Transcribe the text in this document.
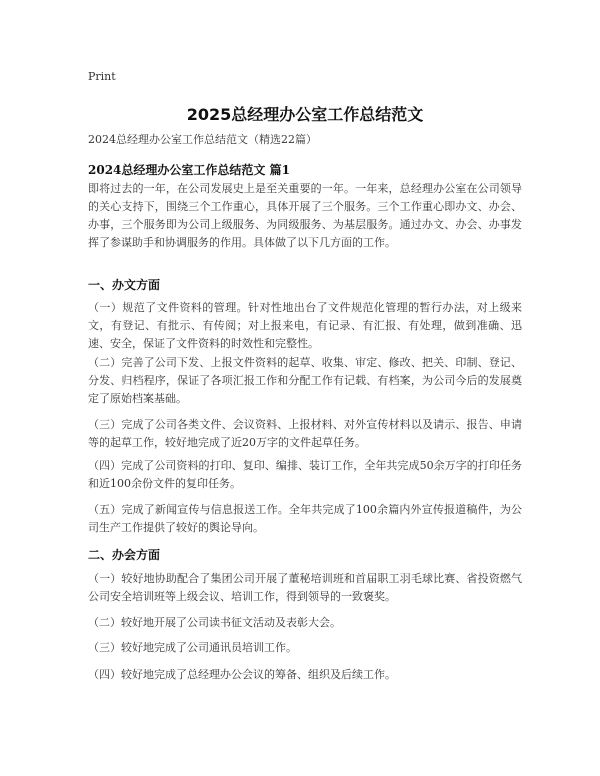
Print
2025总经理办公室工作总结范文
2024总经理办公室工作总结范文（精选22篇）
2024总经理办公室工作总结范文 篇1
即将过去的一年，在公司发展史上是至关重要的一年。一年来，总经理办公室在公司领导的关心支持下，围绕三个工作重心，具体开展了三个服务。三个工作重心即办文、办会、办事，三个服务即为公司上级服务、为同级服务、为基层服务。通过办文、办会、办事发挥了参谋助手和协调服务的作用。具体做了以下几方面的工作。
一、办文方面
（一）规范了文件资料的管理。针对性地出台了文件规范化管理的暂行办法，对上级来文，有登记、有批示、有传阅；对上报来电，有记录、有汇报、有处理，做到准确、迅速、安全，保证了文件资料的时效性和完整性。
（二）完善了公司下发、上报文件资料的起草、收集、审定、修改、把关、印制、登记、分发、归档程序，保证了各项汇报工作和分配工作有记载、有档案，为公司今后的发展奠定了原始档案基础。
（三）完成了公司各类文件、会议资料、上报材料、对外宣传材料以及请示、报告、申请等的起草工作，较好地完成了近20万字的文件起草任务。
（四）完成了公司资料的打印、复印、编排、装订工作，全年共完成50余万字的打印任务和近100余份文件的复印任务。
（五）完成了新闻宣传与信息报送工作。全年共完成了100余篇内外宣传报道稿件，为公司生产工作提供了较好的舆论导向。
二、办会方面
（一）较好地协助配合了集团公司开展了董秘培训班和首届职工羽毛球比赛、省投资燃气公司安全培训班等上级会议、培训工作，得到领导的一致褒奖。
（二）较好地开展了公司读书征文活动及表彰大会。
（三）较好地完成了公司通讯员培训工作。
（四）较好地完成了总经理办公会议的筹备、组织及后续工作。
